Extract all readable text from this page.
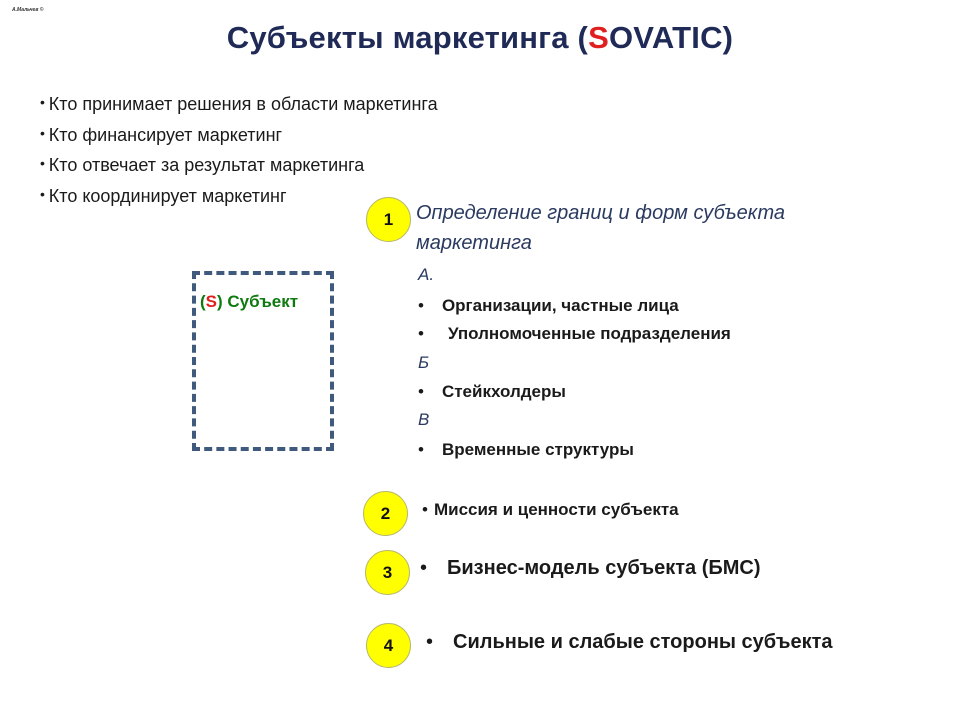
А.Мальчев ©
Субъекты маркетинга (SOVATIC)
• Кто принимает решения в области маркетинга
• Кто финансирует маркетинг
• Кто отвечает за результат маркетинга
• Кто координирует маркетинг
(S) Субъект
1	Определение границ и форм субъекта маркетинга
А.
• Организации, частные лица
• Уполномоченные подразделения
Б
• Стейкхолдеры
В
• Временные структуры
2	• Миссия и ценности субъекта
3	• Бизнес-модель субъекта (БМС)
4	• Сильные и слабые стороны субъекта
